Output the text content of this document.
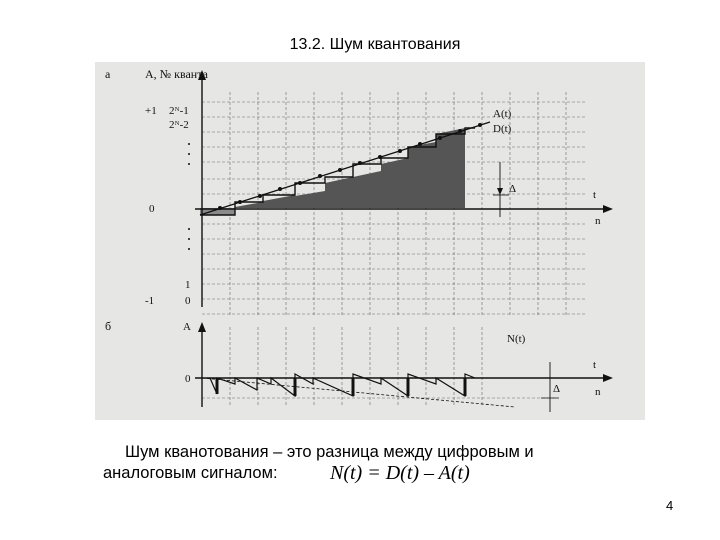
13.2. Шум квантования
а	A, № кванта
+1 2ᴺ-1
2ᴺ-2
0
1
0
-1
A(t)
D(t)
Δ	t
n
б	A
0
N(t)
Δ
t
n
Шум кванотования – это разница между цифровым и
аналоговым сигналом:	N(t) = D(t) – A(t)
4
